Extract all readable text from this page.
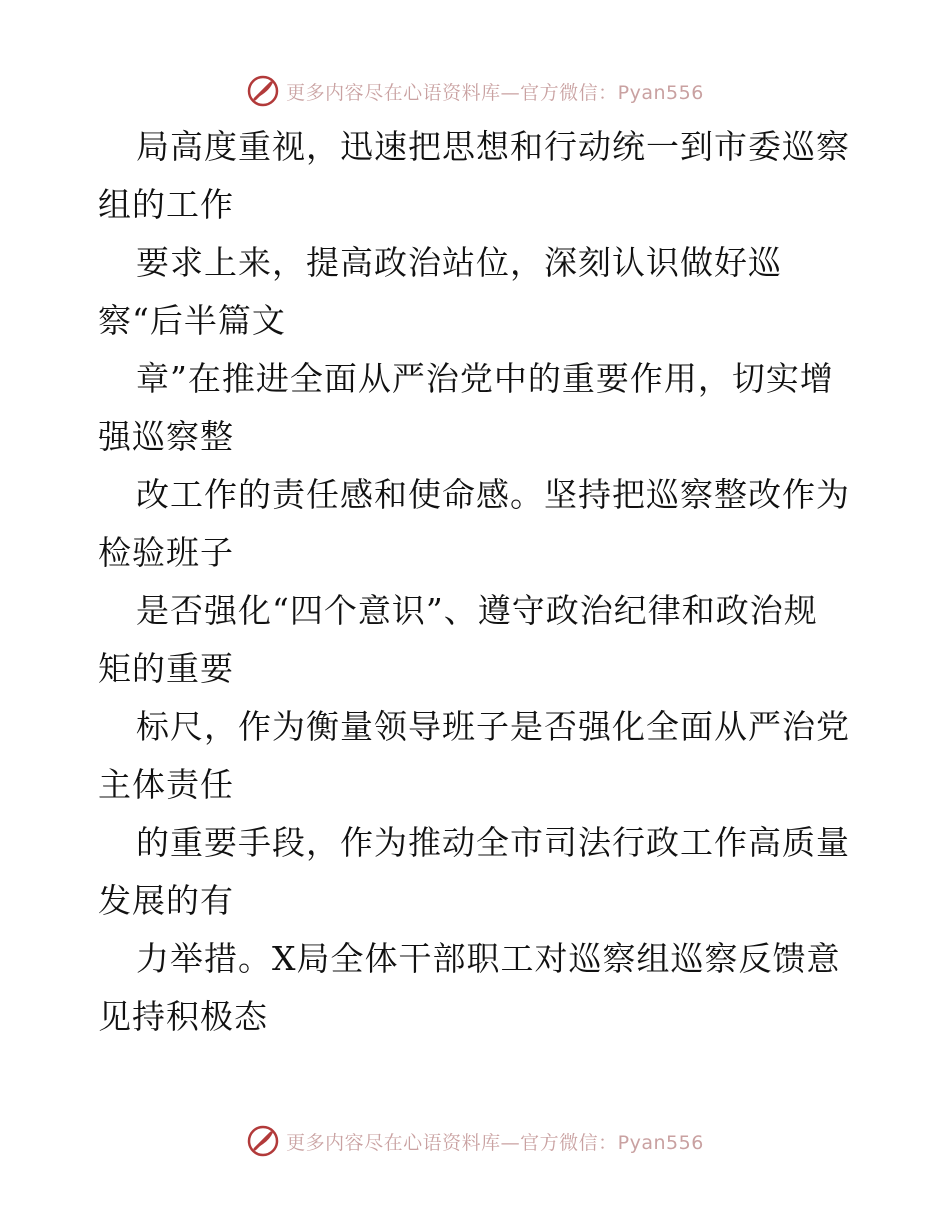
更多内容尽在心语资料库—官方微信：Pyan556
局高度重视，迅速把思想和行动统一到市委巡察
组的工作
要求上来，提高政治站位，深刻认识做好巡
察“后半篇文
章”在推进全面从严治党中的重要作用，切实增
强巡察整
改工作的责任感和使命感。坚持把巡察整改作为
检验班子
是否强化“四个意识”、遵守政治纪律和政治规
矩的重要
标尺，作为衡量领导班子是否强化全面从严治党
主体责任
的重要手段，作为推动全市司法行政工作高质量
发展的有
力举措。X局全体干部职工对巡察组巡察反馈意
见持积极态
更多内容尽在心语资料库—官方微信：Pyan556
